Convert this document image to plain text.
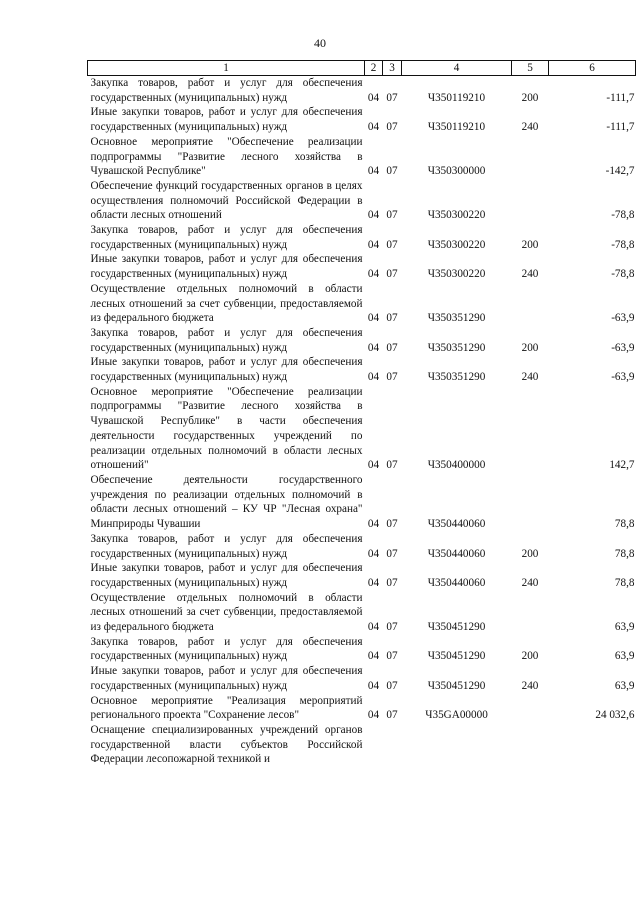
40
1	2	3	4	5	6
Закупка товаров, работ и услуг для обеспечения государственных (муниципальных) нужд	04	07	Ч350119210	200	-111,7
Иные закупки товаров, работ и услуг для обеспечения государственных (муниципальных) нужд	04	07	Ч350119210	240	-111,7
Основное мероприятие "Обеспечение реализации подпрограммы "Развитие лесного хозяйства в Чувашской Республике"	04	07	Ч350300000		-142,7
Обеспечение функций государственных органов в целях осуществления полномочий Российской Федерации в области лесных отношений	04	07	Ч350300220		-78,8
Закупка товаров, работ и услуг для обеспечения государственных (муниципальных) нужд	04	07	Ч350300220	200	-78,8
Иные закупки товаров, работ и услуг для обеспечения государственных (муниципальных) нужд	04	07	Ч350300220	240	-78,8
Осуществление отдельных полномочий в области лесных отношений за счет субвенции, предоставляемой из федерального бюджета	04	07	Ч350351290		-63,9
Закупка товаров, работ и услуг для обеспечения государственных (муниципальных) нужд	04	07	Ч350351290	200	-63,9
Иные закупки товаров, работ и услуг для обеспечения государственных (муниципальных) нужд	04	07	Ч350351290	240	-63,9
Основное мероприятие "Обеспечение реализации подпрограммы "Развитие лесного хозяйства в Чувашской Республике" в части обеспечения деятельности государственных учреждений по реализации отдельных полномочий в области лесных отношений"	04	07	Ч350400000		142,7
Обеспечение деятельности государственного учреждения по реализации отдельных полномочий в области лесных отношений – КУ ЧР "Лесная охрана" Минприроды Чувашии	04	07	Ч350440060		78,8
Закупка товаров, работ и услуг для обеспечения государственных (муниципальных) нужд	04	07	Ч350440060	200	78,8
Иные закупки товаров, работ и услуг для обеспечения государственных (муниципальных) нужд	04	07	Ч350440060	240	78,8
Осуществление отдельных полномочий в области лесных отношений за счет субвенции, предоставляемой из федерального бюджета	04	07	Ч350451290		63,9
Закупка товаров, работ и услуг для обеспечения государственных (муниципальных) нужд	04	07	Ч350451290	200	63,9
Иные закупки товаров, работ и услуг для обеспечения государственных (муниципальных) нужд	04	07	Ч350451290	240	63,9
Основное мероприятие "Реализация мероприятий регионального проекта "Сохранение лесов"	04	07	Ч35GA00000		24 032,6
Оснащение специализированных учреждений органов государственной власти субъектов Российской Федерации лесопожарной техникой и					
